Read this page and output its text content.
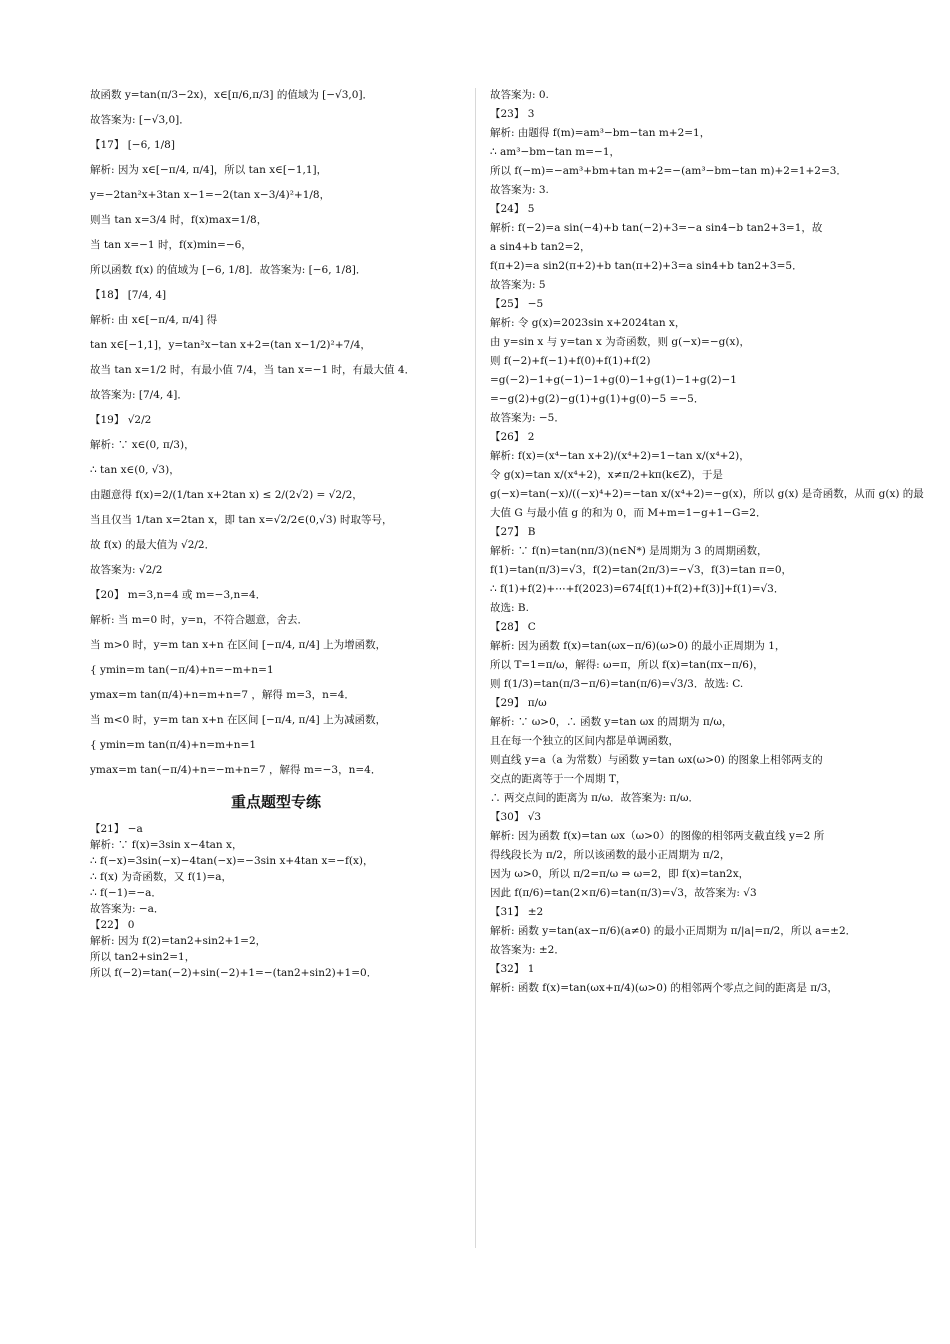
故函数 y=tan(π/3−2x)，x∈[π/6,π/3] 的值域为 [−√3,0]．
故答案为: [−√3,0]．
【17】 [−6, 1/8]
解析: 因为 x∈[−π/4, π/4]，所以 tan x∈[−1,1]，
y=−2tan²x+3tan x−1=−2(tan x−3/4)²+1/8，
则当 tan x=3/4 时，f(x)max=1/8，
当 tan x=−1 时，f(x)min=−6，
所以函数 f(x) 的值域为 [−6, 1/8]．故答案为: [−6, 1/8]．
【18】 [7/4, 4]
解析: 由 x∈[−π/4, π/4] 得
tan x∈[−1,1]，y=tan²x−tan x+2=(tan x−1/2)²+7/4，
故当 tan x=1/2 时，有最小值 7/4，当 tan x=−1 时，有最大值 4．
故答案为: [7/4, 4]．
【19】 √2/2
解析: ∵ x∈(0, π/3)，
∴ tan x∈(0, √3)，
由题意得 f(x)=2/(1/tan x+2tan x) ≤ 2/(2√2) = √2/2，
当且仅当 1/tan x=2tan x，即 tan x=√2/2∈(0,√3) 时取等号，
故 f(x) 的最大值为 √2/2．
故答案为: √2/2
【20】 m=3,n=4 或 m=−3,n=4．
解析: 当 m=0 时，y=n，不符合题意，舍去．
当 m>0 时，y=m tan x+n 在区间 [−π/4, π/4] 上为增函数，
{ ymin=m tan(−π/4)+n=−m+n=1
ymax=m tan(π/4)+n=m+n=7 ，解得 m=3，n=4．
当 m<0 时，y=m tan x+n 在区间 [−π/4, π/4] 上为减函数，
{ ymin=m tan(π/4)+n=m+n=1
ymax=m tan(−π/4)+n=−m+n=7 ，解得 m=−3，n=4．
重点题型专练
【21】 −a
解析: ∵ f(x)=3sin x−4tan x，
∴ f(−x)=3sin(−x)−4tan(−x)=−3sin x+4tan x=−f(x)，
∴ f(x) 为奇函数，又 f(1)=a，
∴ f(−1)=−a．
故答案为: −a．
【22】 0
解析: 因为 f(2)=tan2+sin2+1=2，
所以 tan2+sin2=1，
所以 f(−2)=tan(−2)+sin(−2)+1=−(tan2+sin2)+1=0．
故答案为: 0.
【23】 3
解析: 由题得 f(m)=am³−bm−tan m+2=1，
∴ am³−bm−tan m=−1，
所以 f(−m)=−am³+bm+tan m+2=−(am³−bm−tan m)+2=1+2=3．
故答案为: 3.
【24】 5
解析: f(−2)=a sin(−4)+b tan(−2)+3=−a sin4−b tan2+3=1，故
a sin4+b tan2=2，
f(π+2)=a sin2(π+2)+b tan(π+2)+3=a sin4+b tan2+3=5．
故答案为: 5
【25】 −5
解析: 令 g(x)=2023sin x+2024tan x，
由 y=sin x 与 y=tan x 为奇函数，则 g(−x)=−g(x)，
则 f(−2)+f(−1)+f(0)+f(1)+f(2)
=g(−2)−1+g(−1)−1+g(0)−1+g(1)−1+g(2)−1
=−g(2)+g(2)−g(1)+g(1)+g(0)−5 =−5．
故答案为: −5．
【26】 2
解析: f(x)=(x⁴−tan x+2)/(x⁴+2)=1−tan x/(x⁴+2)，
令 g(x)=tan x/(x⁴+2)，x≠π/2+kπ(k∈Z)，于是
g(−x)=tan(−x)/((−x)⁴+2)=−tan x/(x⁴+2)=−g(x)，所以 g(x) 是奇函数，从而 g(x) 的最
大值 G 与最小值 g 的和为 0，而 M+m=1−g+1−G=2．
【27】 B
解析: ∵ f(n)=tan(nπ/3)(n∈N*) 是周期为 3 的周期函数，
f(1)=tan(π/3)=√3，f(2)=tan(2π/3)=−√3，f(3)=tan π=0，
∴ f(1)+f(2)+⋯+f(2023)=674[f(1)+f(2)+f(3)]+f(1)=√3．
故选: B.
【28】 C
解析: 因为函数 f(x)=tan(ωx−π/6)(ω>0) 的最小正周期为 1，
所以 T=1=π/ω，解得: ω=π，所以 f(x)=tan(πx−π/6)，
则 f(1/3)=tan(π/3−π/6)=tan(π/6)=√3/3．故选: C.
【29】 π/ω
解析: ∵ ω>0，∴ 函数 y=tan ωx 的周期为 π/ω，
且在每一个独立的区间内都是单调函数，
则直线 y=a（a 为常数）与函数 y=tan ωx(ω>0) 的图象上相邻两支的
交点的距离等于一个周期 T，
∴ 两交点间的距离为 π/ω．故答案为: π/ω．
【30】 √3
解析: 因为函数 f(x)=tan ωx（ω>0）的图像的相邻两支截直线 y=2 所
得线段长为 π/2，所以该函数的最小正周期为 π/2，
因为 ω>0，所以 π/2=π/ω ⇒ ω=2，即 f(x)=tan2x，
因此 f(π/6)=tan(2×π/6)=tan(π/3)=√3，故答案为: √3
【31】 ±2
解析: 函数 y=tan(ax−π/6)(a≠0) 的最小正周期为 π/|a|=π/2，所以 a=±2．
故答案为: ±2．
【32】 1
解析: 函数 f(x)=tan(ωx+π/4)(ω>0) 的相邻两个零点之间的距离是 π/3，
